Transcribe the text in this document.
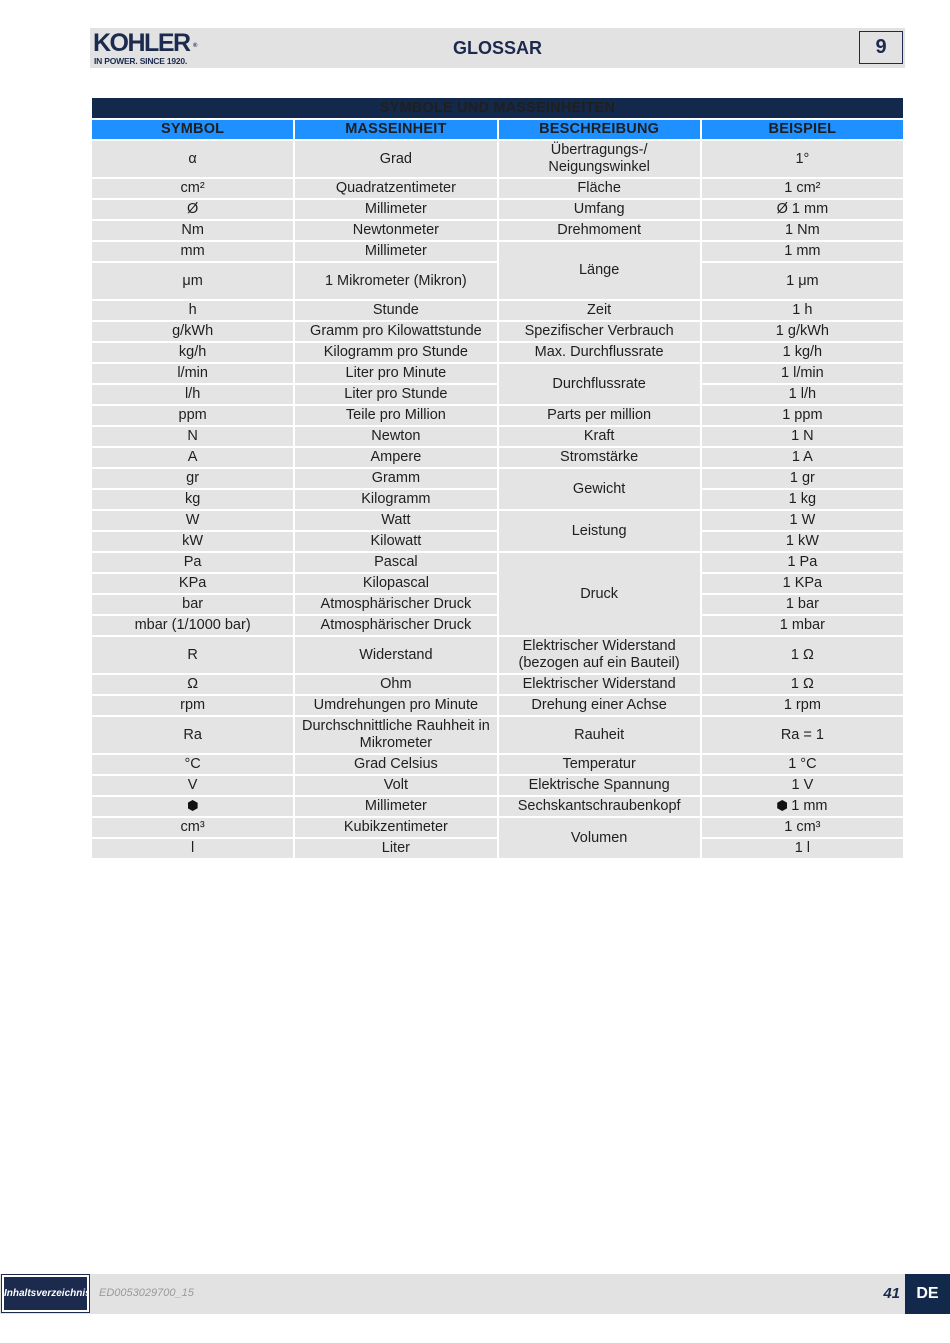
KOHLER ®
IN POWER. SINCE 1920.
GLOSSAR	9
SYMBOLE UND MASSEINHEITEN			
SYMBOL	MASSEINHEIT	BESCHREIBUNG	BEISPIEL
α	Grad	Übertragungs-/ Neigungswinkel	1°
cm²	Quadratzentimeter	Fläche	1 cm²
Ø	Millimeter	Umfang	Ø 1 mm
Nm	Newtonmeter	Drehmoment	1 Nm
mm	Millimeter	Länge	1 mm
μm	1 Mikrometer (Mikron)		1 μm
h	Stunde	Zeit	1 h
g/kWh	Gramm pro Kilowattstunde	Spezifischer Verbrauch	1 g/kWh
kg/h	Kilogramm pro Stunde	Max. Durchflussrate	1 kg/h
l/min	Liter pro Minute	Durchflussrate	1 l/min
l/h	Liter pro Stunde		1 l/h
ppm	Teile pro Million	Parts per million	1 ppm
N	Newton	Kraft	1 N
A	Ampere	Stromstärke	1 A
gr	Gramm	Gewicht	1 gr
kg	Kilogramm		1 kg
W	Watt	Leistung	1 W
kW	Kilowatt		1 kW
Pa	Pascal	Druck	1 Pa
KPa	Kilopascal		1 KPa
bar	Atmosphärischer Druck		1 bar
mbar (1/1000 bar)	Atmosphärischer Druck		1 mbar
R	Widerstand	Elektrischer Widerstand (bezogen auf ein Bauteil)	1 Ω
Ω	Ohm	Elektrischer Widerstand	1 Ω
rpm	Umdrehungen pro Minute	Drehung einer Achse	1 rpm
Ra	Durchschnittliche Rauhheit in Mikrometer	Rauheit	Ra = 1
°C	Grad Celsius	Temperatur	1 °C
V	Volt	Elektrische Spannung	1 V
	Millimeter	Sechskantschraubenkopf	1 mm
cm³	Kubikzentimeter	Volumen	1 cm³
l	Liter		1 l
Inhaltsverzeichnis ED0053029700_15	41	DE
